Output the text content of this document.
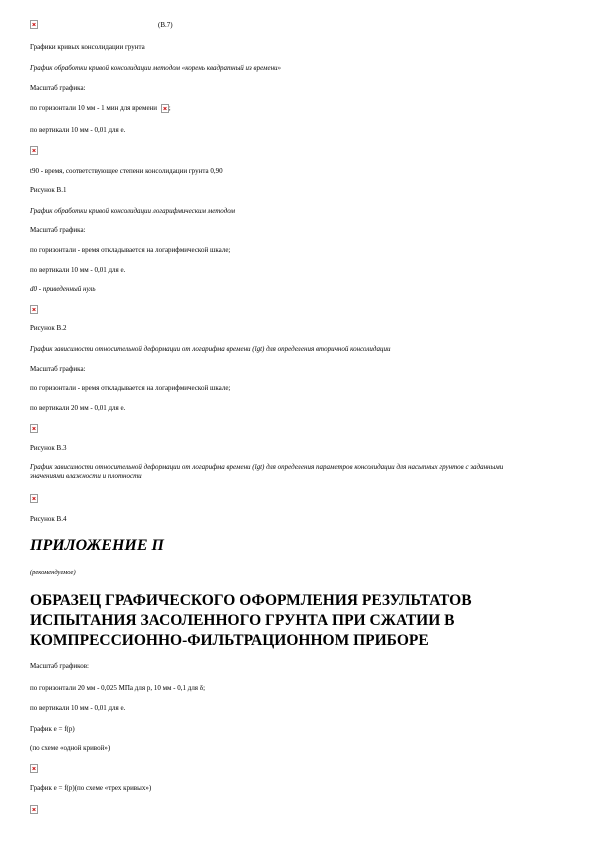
(В.7)
Графики кривых консолидации грунта
График обработки кривой консолидации методом «корень квадратный из времени»
Масштаб графика:
по горизонтали 10 мм - 1 мин для времени ;
по вертикали 10 мм - 0,01 для e.
t90 - время, соответствующее степени консолидации грунта 0,90
Рисунок В.1
График обработки кривой консолидации логарифмическим методом
Масштаб графика:
по горизонтали - время откладывается на логарифмической шкале;
по вертикали 10 мм - 0,01 для e.
d0 - приведенный нуль
Рисунок В.2
График зависимости относительной деформации от логарифма времени (lgt) для определения вторичной консолидации
Масштаб графика:
по горизонтали - время откладывается на логарифмической шкале;
по вертикали 20 мм - 0,01 для e.
Рисунок В.3
График зависимости относительной деформации от логарифма времени (lgt) для определения параметров консолидации для насыпных грунтов с заданными значениями влажности и плотности
Рисунок В.4
ПРИЛОЖЕНИЕ П
(рекомендуемое)
ОБРАЗЕЦ ГРАФИЧЕСКОГО ОФОРМЛЕНИЯ РЕЗУЛЬТАТОВ ИСПЫТАНИЯ ЗАСОЛЕННОГО ГРУНТА ПРИ СЖАТИИ В КОМПРЕССИОННО-ФИЛЬТРАЦИОННОМ ПРИБОРЕ
Масштаб графиков:
по горизонтали 20 мм - 0,025 МПа для p, 10 мм - 0,1 для δ;
по вертикали 10 мм - 0,01 для e.
График e = f(p)
(по схеме «одной кривой»)
График e = f(p)(по схеме «трех кривых»)
